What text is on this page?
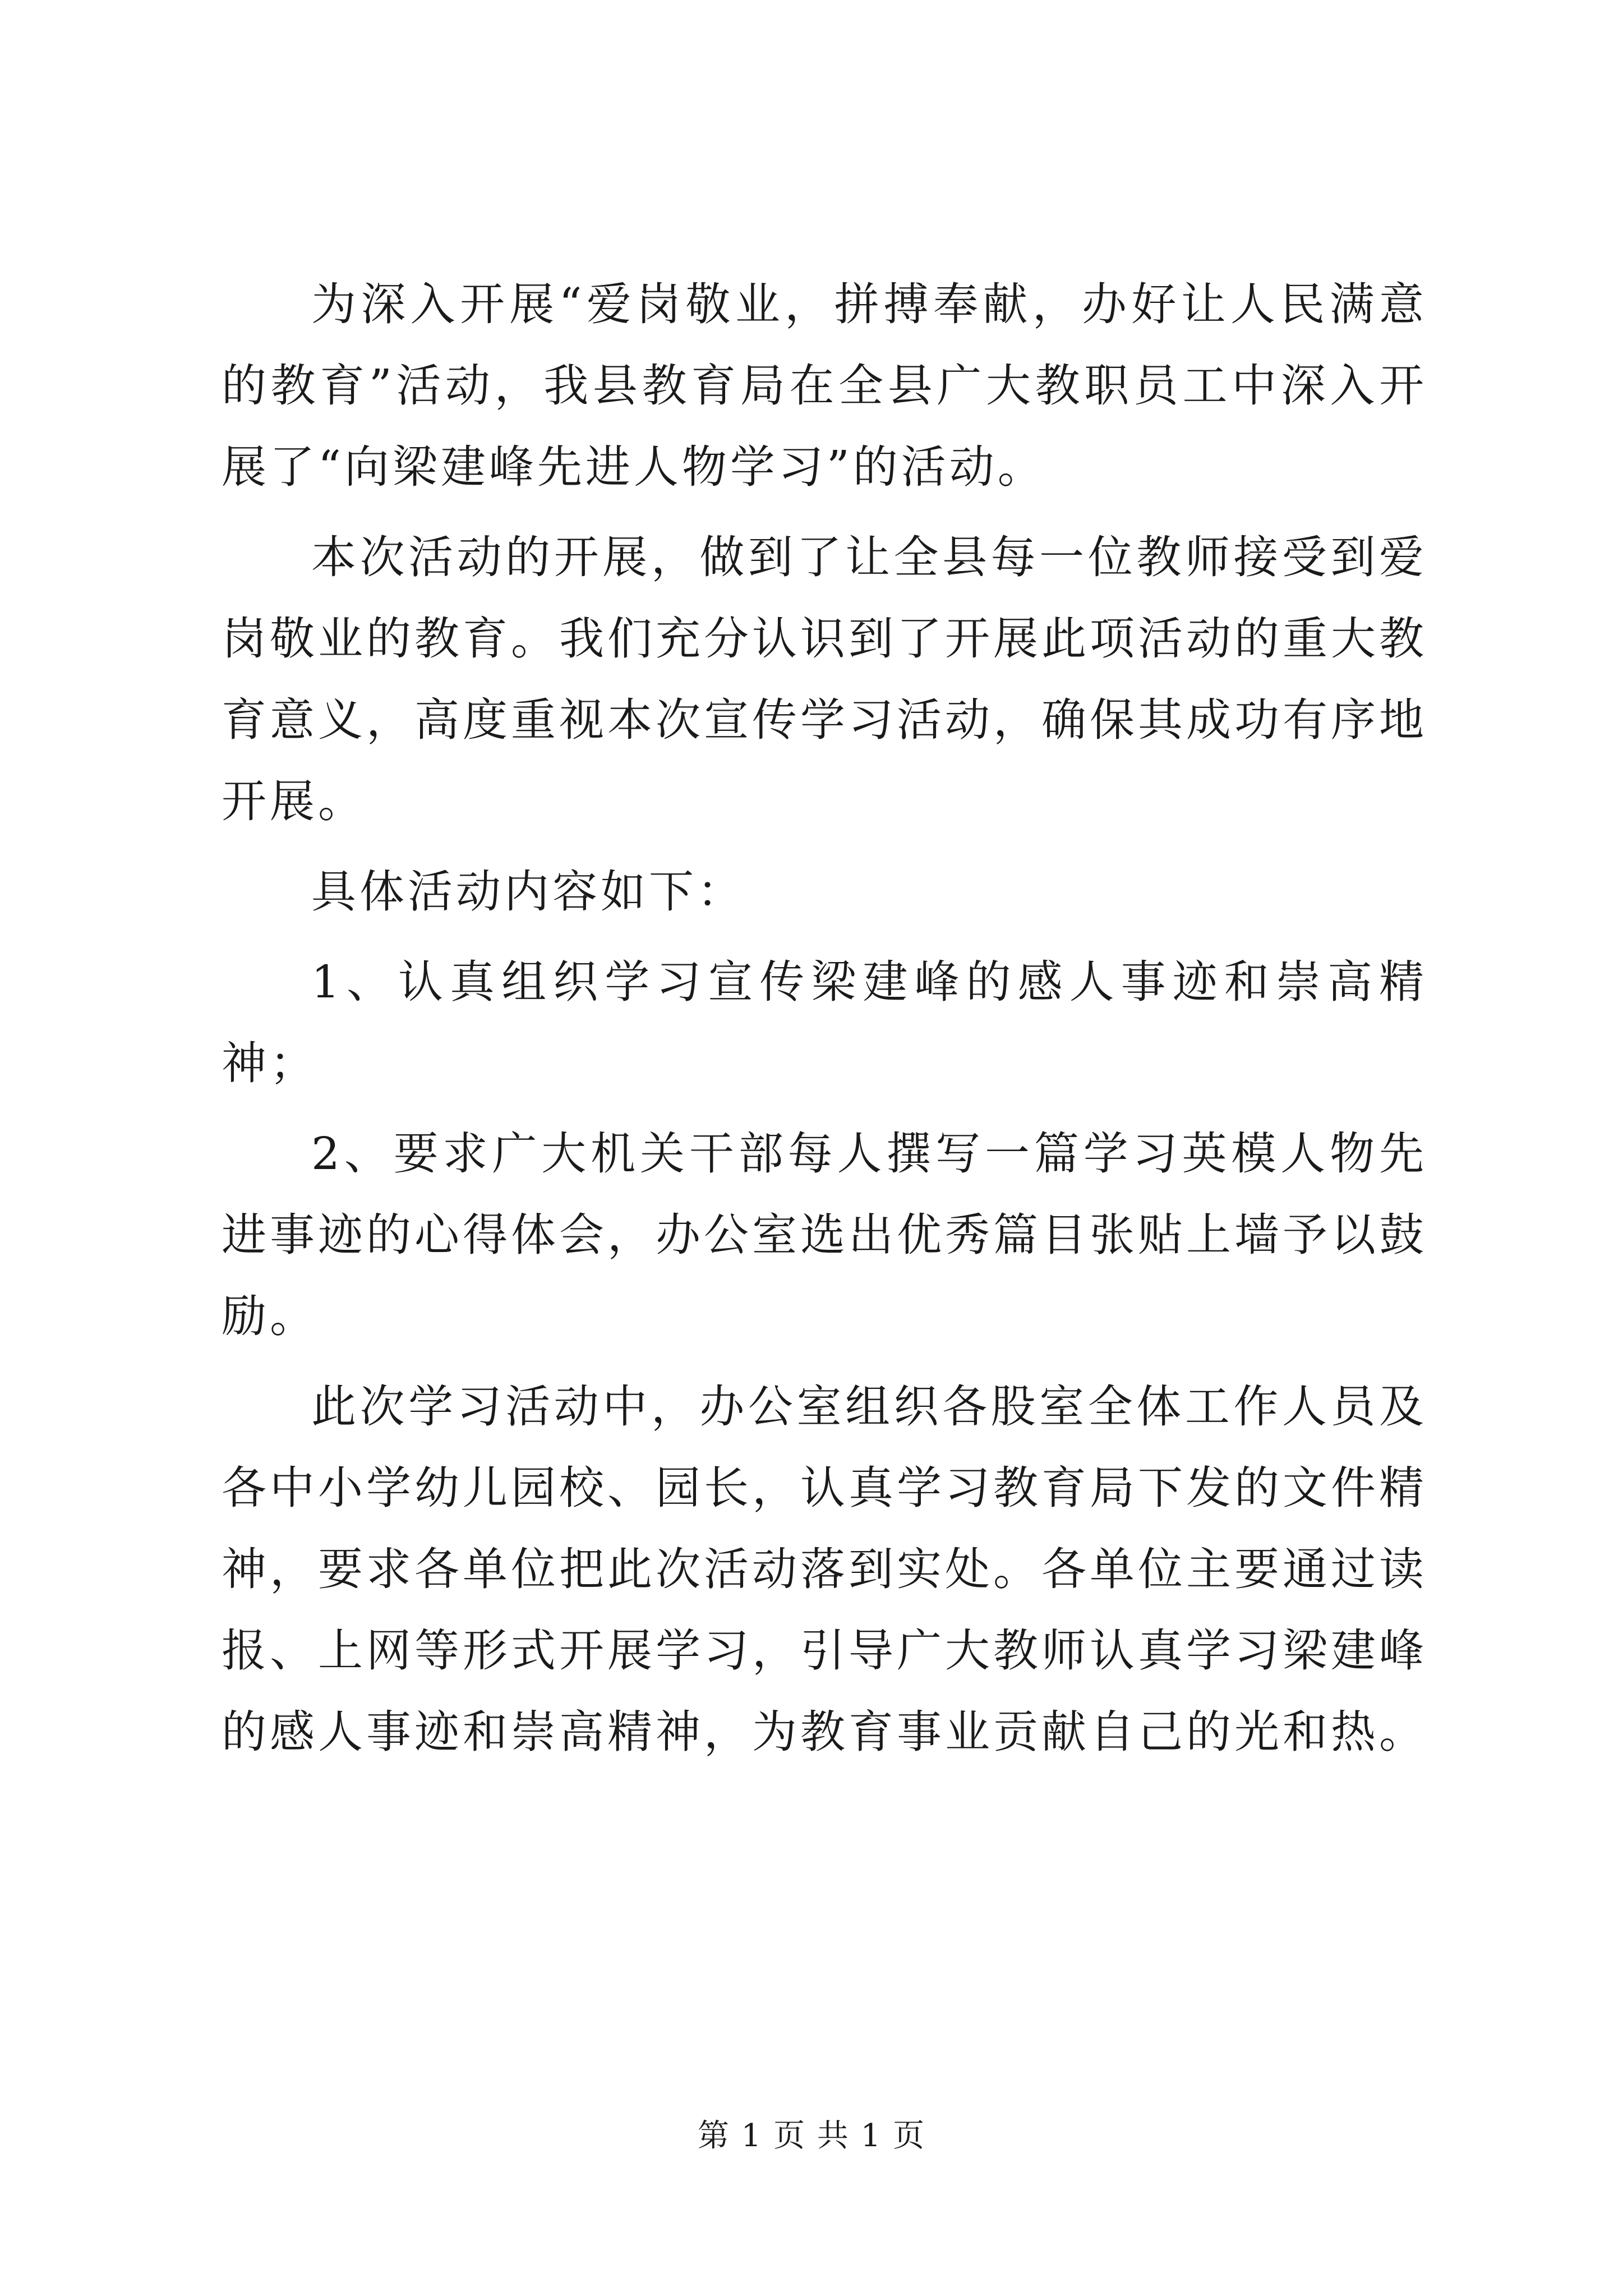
为深入开展“爱岗敬业，拼搏奉献，办好让人民满意的教育”活动，我县教育局在全县广大教职员工中深入开展了“向梁建峰先进人物学习”的活动。

本次活动的开展，做到了让全县每一位教师接受到爱岗敬业的教育。我们充分认识到了开展此项活动的重大教育意义，高度重视本次宣传学习活动，确保其成功有序地开展。

具体活动内容如下：

1、认真组织学习宣传梁建峰的感人事迹和崇高精神；

2、要求广大机关干部每人撰写一篇学习英模人物先进事迹的心得体会，办公室选出优秀篇目张贴上墙予以鼓励。

此次学习活动中，办公室组织各股室全体工作人员及各中小学幼儿园校、园长，认真学习教育局下发的文件精神，要求各单位把此次活动落到实处。各单位主要通过读报、上网等形式开展学习，引导广大教师认真学习梁建峰的感人事迹和崇高精神，为教育事业贡献自己的光和热。

第 1 页 共 1 页
